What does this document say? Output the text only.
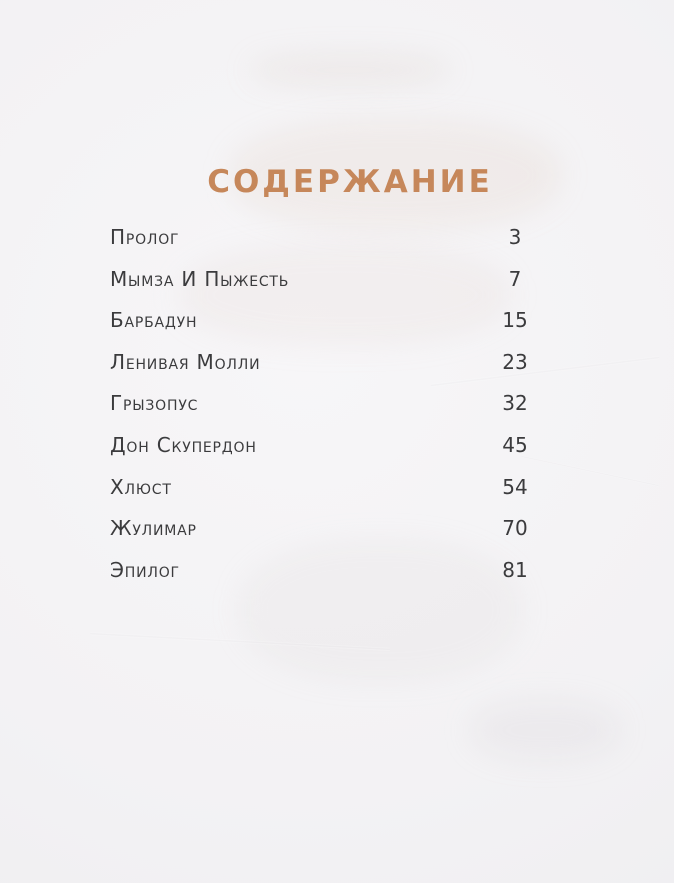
СОДЕРЖАНИЕ
Пролог	3
Мымза И Пыжесть	7
Барбадун	15
Ленивая Молли	23
Грызопус	32
Дон Скупердон	45
Хлюст	54
Жулимар	70
Эпилог	81
